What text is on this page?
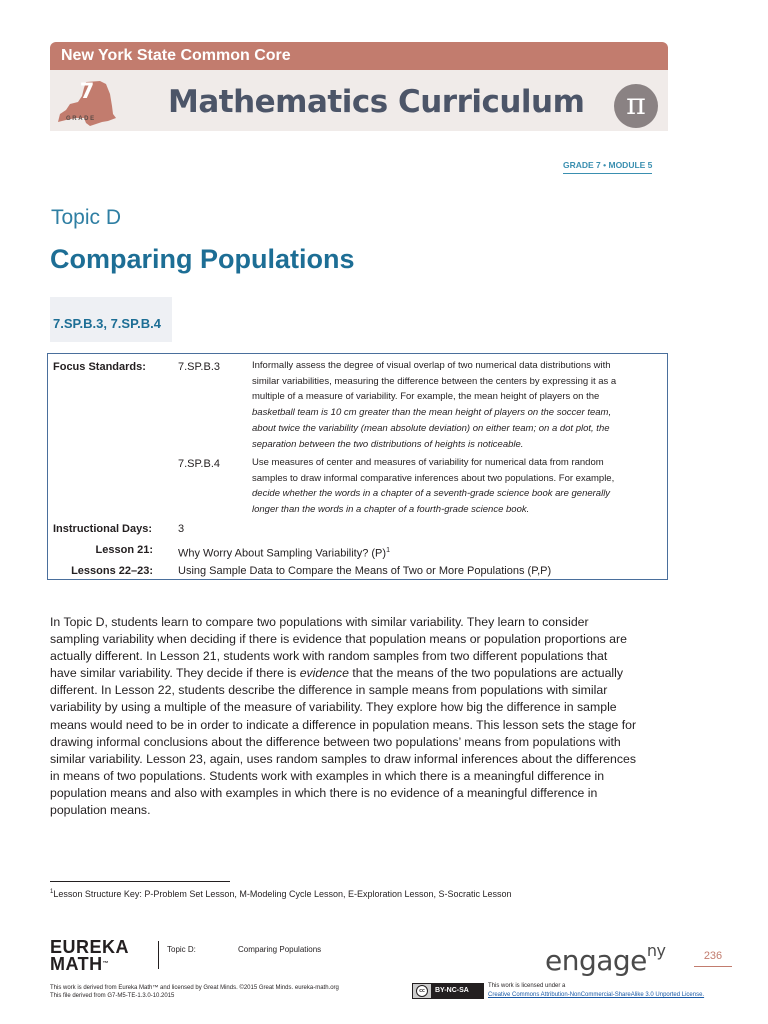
New York State Common Core
7
GRADE Mathematics Curriculum	π
GRADE 7 • MODULE 5
Topic D
Comparing Populations
7.SP.B.3, 7.SP.B.4
Focus Standards:	7.SP.B.3	Informally assess the degree of visual overlap of two numerical data distributions with
similar variabilities, measuring the difference between the centers by expressing it as a
multiple of a measure of variability. For example, the mean height of players on the
basketball team is 10 cm greater than the mean height of players on the soccer team,
about twice the variability (mean absolute deviation) on either team; on a dot plot, the
separation between the two distributions of heights is noticeable.
7.SP.B.4	Use measures of center and measures of variability for numerical data from random
samples to draw informal comparative inferences about two populations. For example,
decide whether the words in a chapter of a seventh-grade science book are generally
longer than the words in a chapter of a fourth-grade science book.
Instructional Days: 3
Lesson 21: Why Worry About Sampling Variability? $(P)^1$
Lessons 22–23: Using Sample Data to Compare the Means of Two or More Populations (P,P)
In Topic D, students learn to compare two populations with similar variability. They learn to consider
sampling variability when deciding if there is evidence that population means or population proportions are
actually different. In Lesson 21, students work with random samples from two different populations that
have similar variability. They decide if there is evidence that the means of the two populations are actually
different. In Lesson 22, students describe the difference in sample means from populations with similar
variability by using a multiple of the measure of variability. They explore how big the difference in sample
means would need to be in order to indicate a difference in population means. This lesson sets the stage for
drawing informal conclusions about the difference between two populations’ means from populations with
similar variability. Lesson 23, again, uses random samples to draw informal inferences about the differences
in means of two populations. Students work with examples in which there is a meaningful difference in
population means and also with examples in which there is no evidence of a meaningful difference in
population means.
$^1$Lesson Structure Key: P-Problem Set Lesson, M-Modeling Cycle Lesson, E-Exploration Lesson, S-Socratic Lesson
EUREKA
MATH™
Topic D:	Comparing Populations	engage$^{ny}$	236
This work is derived from Eureka Math™ and licensed by Great Minds. ©2015 Great Minds. eureka-math.org
This file derived from G7-M5-TE-1.3.0-10.2015
cc	BY-NC-SA
This work is licensed under a
Creative Commons Attribution-NonCommercial-ShareAlike 3.0 Unported License.
